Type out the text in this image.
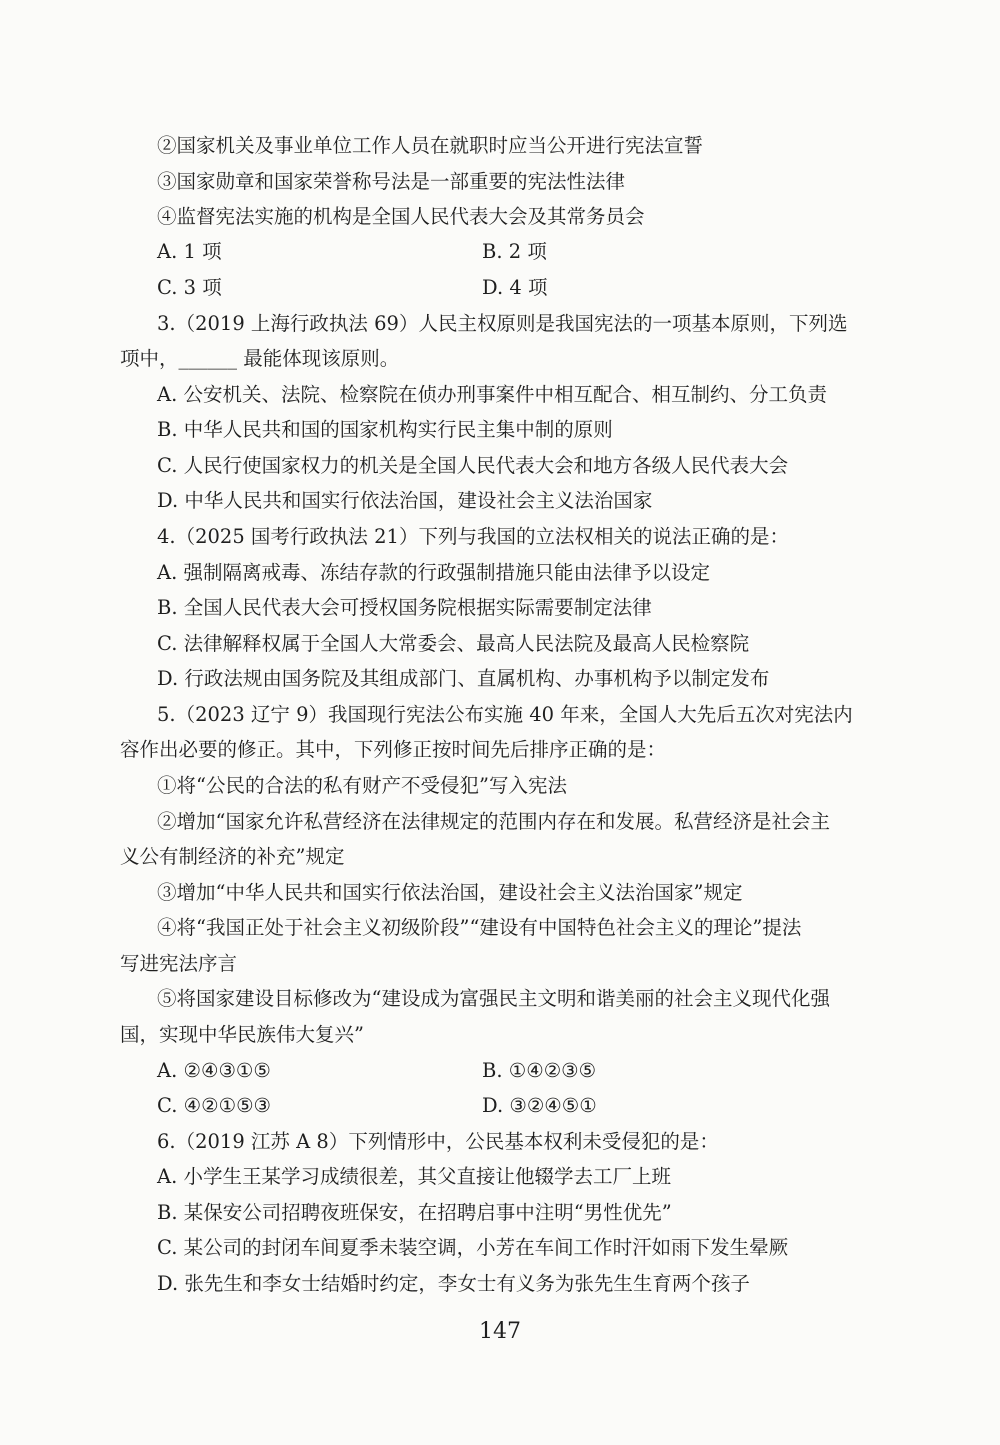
②国家机关及事业单位工作人员在就职时应当公开进行宪法宣誓
③国家勋章和国家荣誉称号法是一部重要的宪法性法律
④监督宪法实施的机构是全国人民代表大会及其常务员会
A. 1 项	B. 2 项
C. 3 项	D. 4 项
3.（2019 上海行政执法 69）人民主权原则是我国宪法的一项基本原则，下列选
项中，______ 最能体现该原则。
A. 公安机关、法院、检察院在侦办刑事案件中相互配合、相互制约、分工负责
B. 中华人民共和国的国家机构实行民主集中制的原则
C. 人民行使国家权力的机关是全国人民代表大会和地方各级人民代表大会
D. 中华人民共和国实行依法治国，建设社会主义法治国家
4.（2025 国考行政执法 21）下列与我国的立法权相关的说法正确的是：
A. 强制隔离戒毒、冻结存款的行政强制措施只能由法律予以设定
B. 全国人民代表大会可授权国务院根据实际需要制定法律
C. 法律解释权属于全国人大常委会、最高人民法院及最高人民检察院
D. 行政法规由国务院及其组成部门、直属机构、办事机构予以制定发布
5.（2023 辽宁 9）我国现行宪法公布实施 40 年来，全国人大先后五次对宪法内
容作出必要的修正。其中，下列修正按时间先后排序正确的是：
①将“公民的合法的私有财产不受侵犯”写入宪法
②增加“国家允许私营经济在法律规定的范围内存在和发展。私营经济是社会主
义公有制经济的补充”规定
③增加“中华人民共和国实行依法治国，建设社会主义法治国家”规定
④将“我国正处于社会主义初级阶段”“建设有中国特色社会主义的理论”提法
写进宪法序言
⑤将国家建设目标修改为“建设成为富强民主文明和谐美丽的社会主义现代化强
国，实现中华民族伟大复兴”
A. ②④③①⑤	B. ①④②③⑤
C. ④②①⑤③	D. ③②④⑤①
6.（2019 江苏 A 8）下列情形中，公民基本权利未受侵犯的是：
A. 小学生王某学习成绩很差，其父直接让他辍学去工厂上班
B. 某保安公司招聘夜班保安，在招聘启事中注明“男性优先”
C. 某公司的封闭车间夏季未装空调，小芳在车间工作时汗如雨下发生晕厥
D. 张先生和李女士结婚时约定，李女士有义务为张先生生育两个孩子
147
